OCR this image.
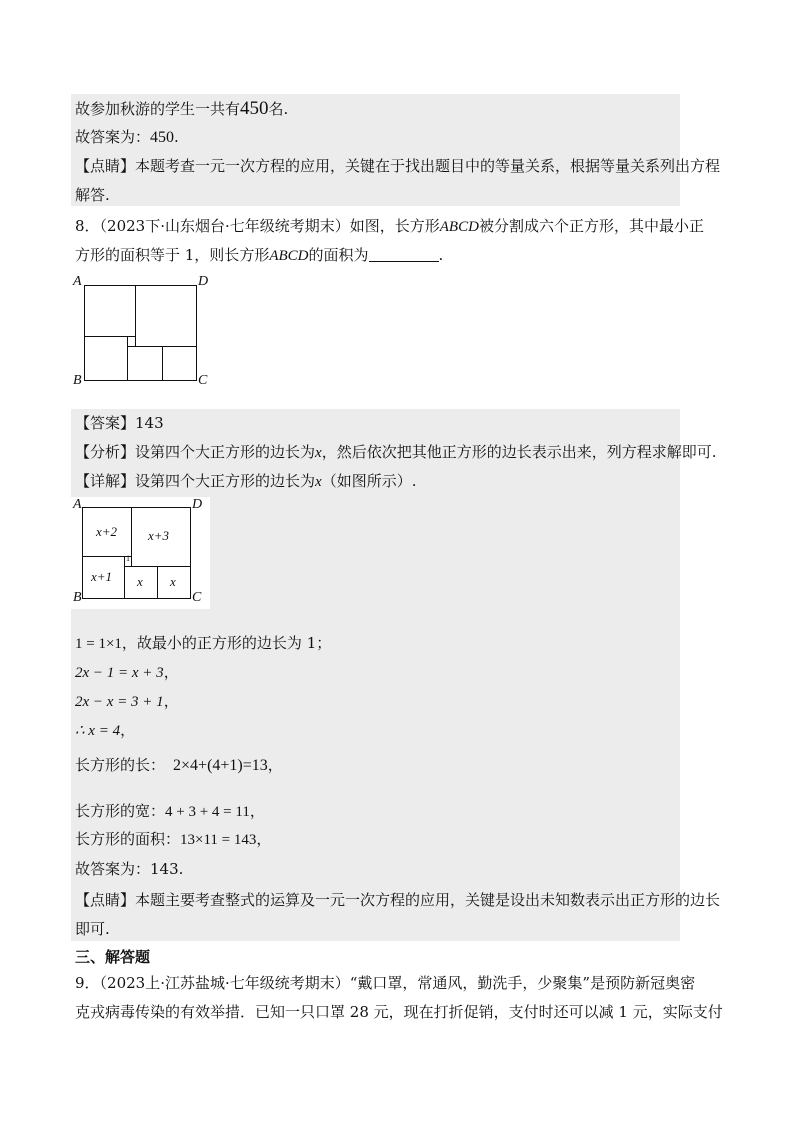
故参加秋游的学生一共有450名.
故答案为：450.
【点睛】本题考查一元一次方程的应用，关键在于找出题目中的等量关系，根据等量关系列出方程
解答.
8．（2023下·山东烟台·七年级统考期末）如图，长方形ABCD被分割成六个正方形，其中最小正
方形的面积等于 1，则长方形ABCD的面积为	.
A	D
B	C
【答案】143
【分析】设第四个大正方形的边长为x，然后依次把其他正方形的边长表示出来，列方程求解即可.
【详解】设第四个大正方形的边长为x（如图所示）.
A	D
B	C
x+2 x+3
x+1 x x
1
1 = 1×1，故最小的正方形的边长为 1；
2x − 1 = x + 3，
2x − x = 3 + 1，
∴ x = 4，
长方形的长： 2×4+(4+1)=13，
长方形的宽：4 + 3 + 4 = 11，
长方形的面积：13×11 = 143，
故答案为：143.
【点睛】本题主要考查整式的运算及一元一次方程的应用，关键是设出未知数表示出正方形的边长
即可.
三、解答题
9．（2023上·江苏盐城·七年级统考期末）“戴口罩，常通风，勤洗手，少聚集”是预防新冠奥密
克戎病毒传染的有效举措．已知一只口罩 28 元，现在打折促销，支付时还可以减 1 元，实际支付
